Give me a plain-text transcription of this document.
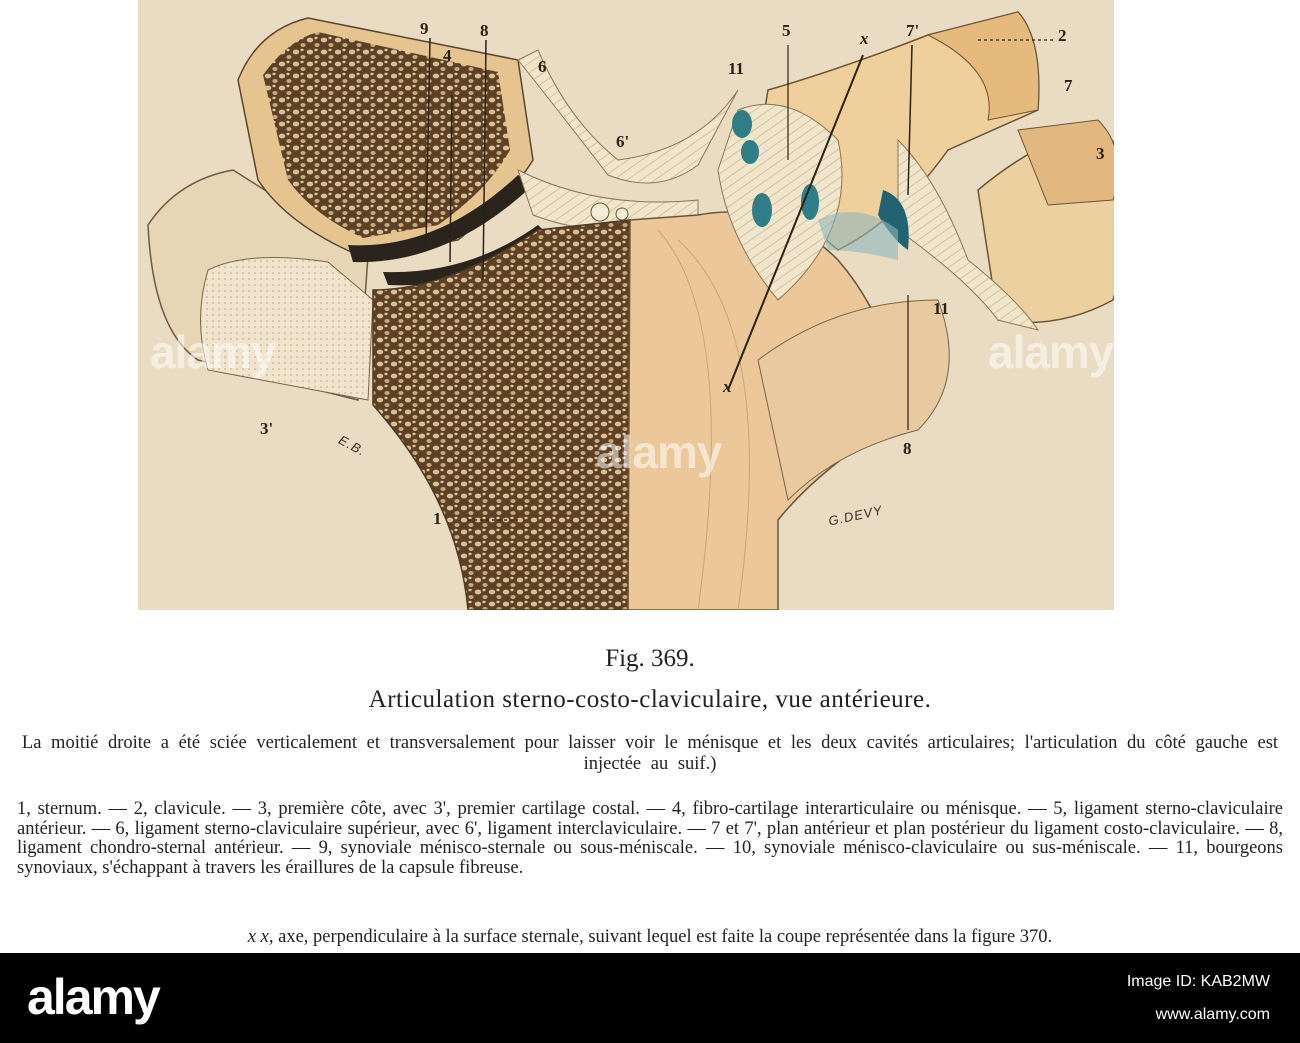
9
4
8
6
6'
11
5	x 7'	2
7
3
11
3'
x
8
1
E.B.
G.DEVY
alamy
alamy
alamy
Fig. 369.
Articulation sterno-costo-claviculaire, vue antérieure.
La moitié droite a été sciée verticalement et transversalement pour laisser voir le ménisque et les deux cavités articulaires; l'articulation du côté gauche est injectée au suif.)
1, sternum. — 2, clavicule. — 3, première côte, avec 3', premier cartilage costal. — 4, fibro-cartilage interarticulaire ou ménisque. — 5, ligament sterno-claviculaire antérieur. — 6, ligament sterno-claviculaire supérieur, avec 6', ligament interclaviculaire. — 7 et 7', plan antérieur et plan postérieur du ligament costo-claviculaire. — 8, ligament chondro-sternal antérieur. — 9, synoviale ménisco-sternale ou sous-méniscale. — 10, synoviale ménisco-claviculaire ou sus-méniscale. — 11, bourgeons synoviaux, s'échappant à travers les éraillures de la capsule fibreuse.
x x, axe, perpendiculaire à la surface sternale, suivant lequel est faite la coupe représentée dans la figure 370.
alamy	Image ID: KAB2MW
www.alamy.com
